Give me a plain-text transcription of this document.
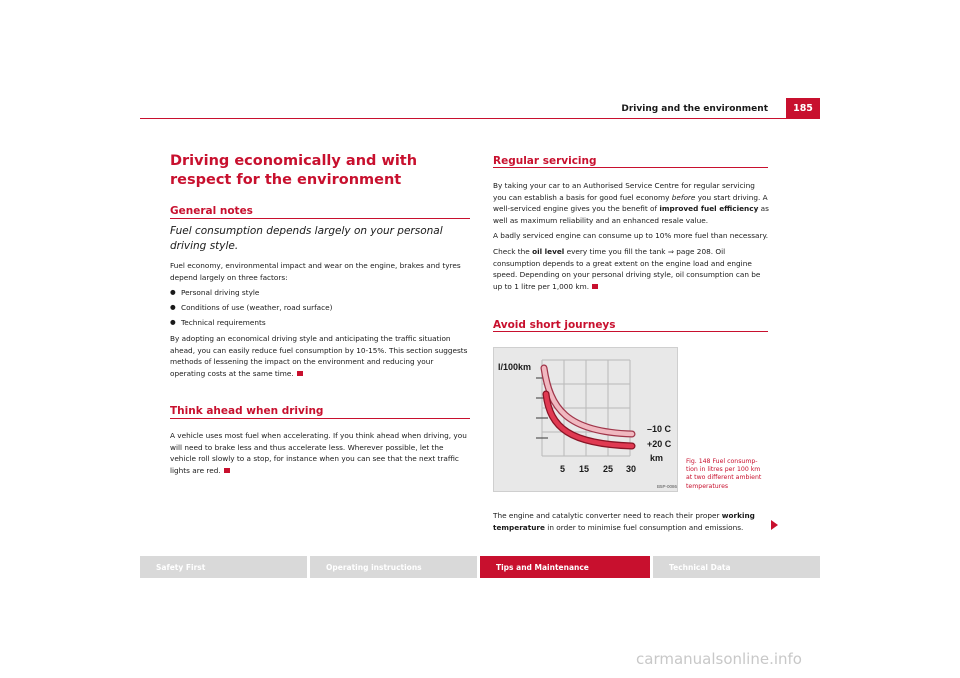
Driving and the environment	185
Driving economically and with respect for the environment
General notes
Fuel consumption depends largely on your personal driving style.

Fuel economy, environmental impact and wear on the engine, brakes and tyres depend largely on three factors:

● Personal driving style
● Conditions of use (weather, road surface)
● Technical requirements

By adopting an economical driving style and anticipating the traffic situation ahead, you can easily reduce fuel consumption by 10-15%. This section suggests methods of lessening the impact on the environment and reducing your operating costs at the same time.

Think ahead when driving

A vehicle uses most fuel when accelerating. If you think ahead when driving, you will need to brake less and thus accelerate less. Wherever possible, let the vehicle roll slowly to a stop, for instance when you can see that the next traffic lights are red.

Regular servicing

By taking your car to an Authorised Service Centre for regular servicing you can establish a basis for good fuel economy before you start driving. A well-serviced engine gives you the benefit of improved fuel efficiency as well as maximum reliability and an enhanced resale value.

A badly serviced engine can consume up to 10% more fuel than necessary.

Check the oil level every time you fill the tank ⇒ page 208. Oil consumption depends to a great extent on the engine load and engine speed. Depending on your personal driving style, oil consumption can be up to 1 litre per 1,000 km.

Avoid short journeys
l/100km
–10 C
+20 C
km
5 15 25 30
B5P-0086
Fig. 148 Fuel consump-tion in litres per 100 km at two different ambient temperatures

The engine and catalytic converter need to reach their proper working temperature in order to minimise fuel consumption and emissions.

Safety First	Operating instructions	Tips and Maintenance	Technical Data
carmanualsonline.info
